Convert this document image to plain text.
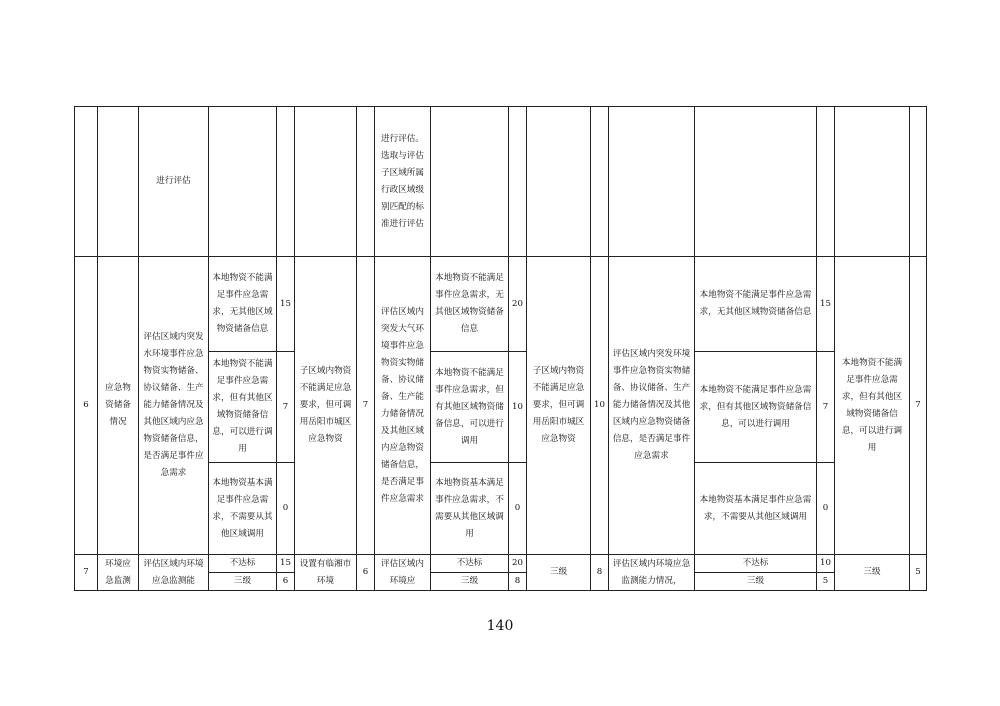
		进行评估					进行评估。选取与评估子区域所属行政区域级别匹配的标准进行评估									
6	应急物资储备情况	评估区域内突发水环境事件应急物资实物储备、协议储备、生产能力储备情况及其他区域内应急物资储备信息，是否满足事件应急需求	本地物资不能满足事件应急需求，无其他区域物资储备信息	15	子区域内物资不能满足应急要求，但可调用岳阳市城区应急物资	7	评估区域内突发大气环境事件应急物资实物储备、协议储备、生产能力储备情况及其他区域内应急物资储备信息，是否满足事件应急需求	本地物资不能满足事件应急需求，无其他区域物资储备信息	20	子区域内物资不能满足应急要求，但可调用岳阳市城区应急物资	10	评估区域内突发环境事件应急物资实物储备、协议储备、生产能力储备情况及其他区域内应急物资储备信息，是否满足事件应急需求	本地物资不能满足事件应急需求，无其他区域物资储备信息	15	本地物资不能满足事件应急需求，但有其他区域物资储备信息，可以进行调用	7
			本地物资不能满足事件应急需求，但有其他区域物资储备信息，可以进行调用	7				本地物资不能满足事件应急需求，但有其他区域物资储备信息，可以进行调用	10				本地物资不能满足事件应急需求，但有其他区域物资储备信息，可以进行调用	7		
			本地物资基本满足事件应急需求，不需要从其他区域调用	0				本地物资基本满足事件应急需求，不需要从其他区域调用	0				本地物资基本满足事件应急需求，不需要从其他区域调用	0		
7	环境应急监测	评估区域内环境应急监测能	不达标	15	设置有临湘市环境	6	评估区域内环境应	不达标	20	三级	8	评估区域内环境应急监测能力情况，	不达标	10	三级	5
			三级	6				三级	8				三级	5		
140
